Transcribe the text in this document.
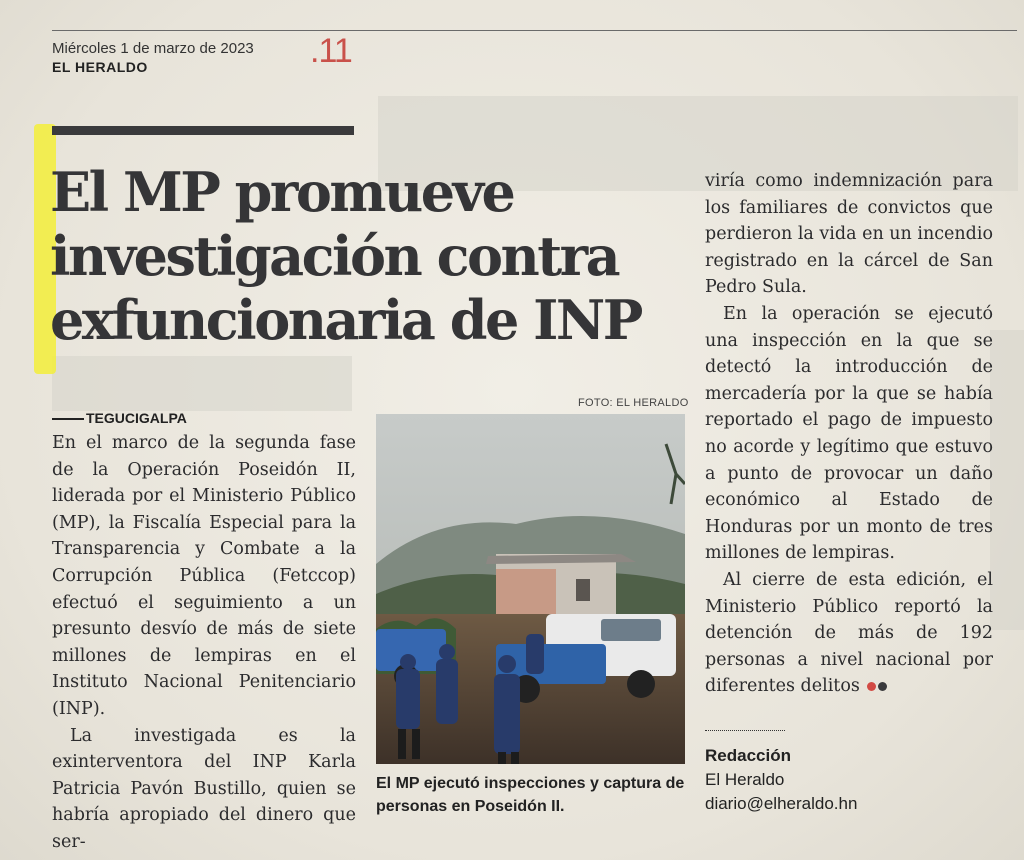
Miércoles 1 de marzo de 2023
EL HERALDO	.11
El MP promueve
investigación contra
exfuncionaria de INP
TEGUCIGALPA

En el marco de la segunda fase de la Operación Poseidón II, liderada por el Ministerio Público (MP), la Fiscalía Especial para la Transparencia y Combate a la Corrupción Pública (Fetccop) efectuó el seguimiento a un presunto desvío de más de siete millones de lempiras en el Instituto Nacional Penitenciario (INP).

La investigada es la exinterventora del INP Karla Patricia Pavón Bustillo, quien se habría apropiado del dinero que ser-

FOTO: EL HERALDO
El MP ejecutó inspecciones y captura de personas en Poseidón II.

viría como indemnización para los familiares de convictos que perdieron la vida en un incendio registrado en la cárcel de San Pedro Sula.

En la operación se ejecutó una inspección en la que se detectó la introducción de mercadería por la que se había reportado el pago de impuesto no acorde y legítimo que estuvo a punto de provocar un daño económico al Estado de Honduras por un monto de tres millones de lempiras.

Al cierre de esta edición, el Ministerio Público reportó la detención de más de 192 personas a nivel nacional por diferentes delitos

Redacción
El Heraldo
diario@elheraldo.hn
